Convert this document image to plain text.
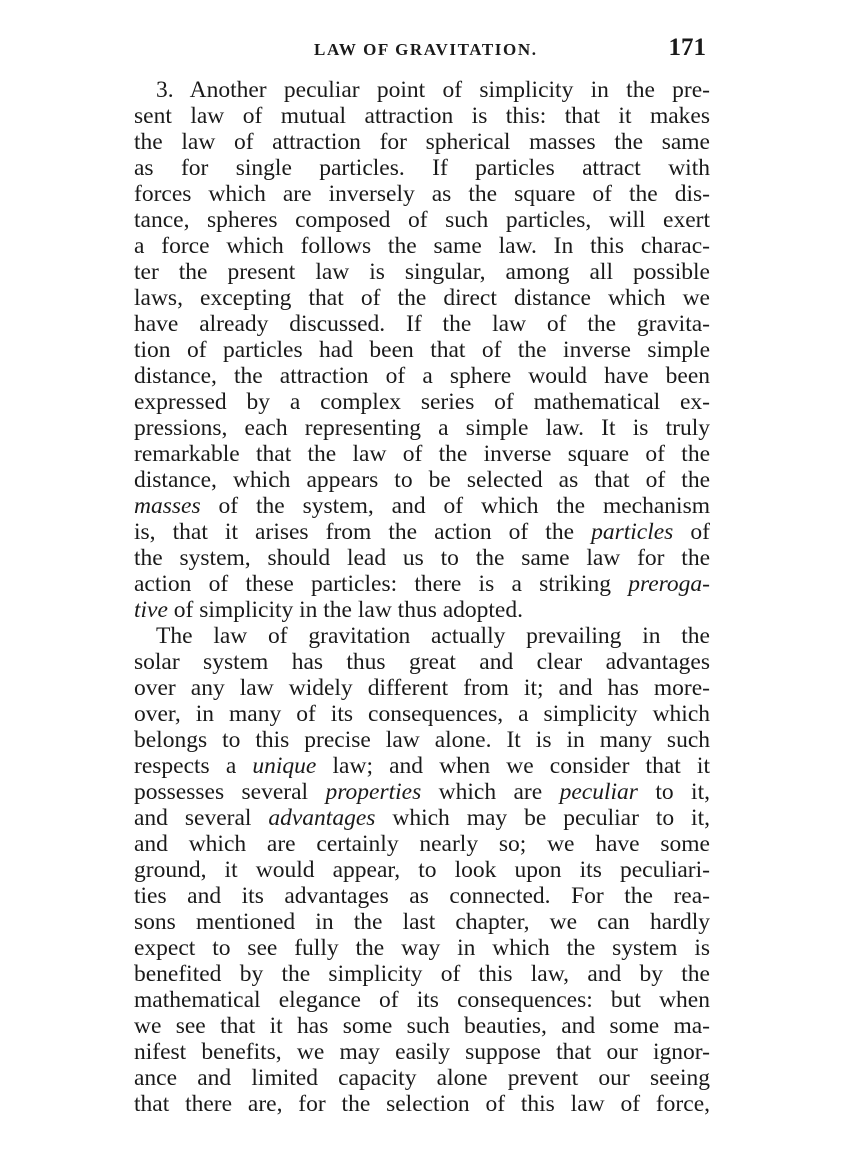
LAW OF GRAVITATION.	171
3. Another peculiar point of simplicity in the pre-
sent law of mutual attraction is this: that it makes
the law of attraction for spherical masses the same
as for single particles. If particles attract with
forces which are inversely as the square of the dis-
tance, spheres composed of such particles, will exert
a force which follows the same law. In this charac-
ter the present law is singular, among all possible
laws, excepting that of the direct distance which we
have already discussed. If the law of the gravita-
tion of particles had been that of the inverse simple
distance, the attraction of a sphere would have been
expressed by a complex series of mathematical ex-
pressions, each representing a simple law. It is truly
remarkable that the law of the inverse square of the
distance, which appears to be selected as that of the
masses of the system, and of which the mechanism
is, that it arises from the action of the particles of
the system, should lead us to the same law for the
action of these particles: there is a striking preroga-
tive of simplicity in the law thus adopted.
The law of gravitation actually prevailing in the
solar system has thus great and clear advantages
over any law widely different from it; and has more-
over, in many of its consequences, a simplicity which
belongs to this precise law alone. It is in many such
respects a unique law; and when we consider that it
possesses several properties which are peculiar to it,
and several advantages which may be peculiar to it,
and which are certainly nearly so; we have some
ground, it would appear, to look upon its peculiari-
ties and its advantages as connected. For the rea-
sons mentioned in the last chapter, we can hardly
expect to see fully the way in which the system is
benefited by the simplicity of this law, and by the
mathematical elegance of its consequences: but when
we see that it has some such beauties, and some ma-
nifest benefits, we may easily suppose that our ignor-
ance and limited capacity alone prevent our seeing
that there are, for the selection of this law of force,
